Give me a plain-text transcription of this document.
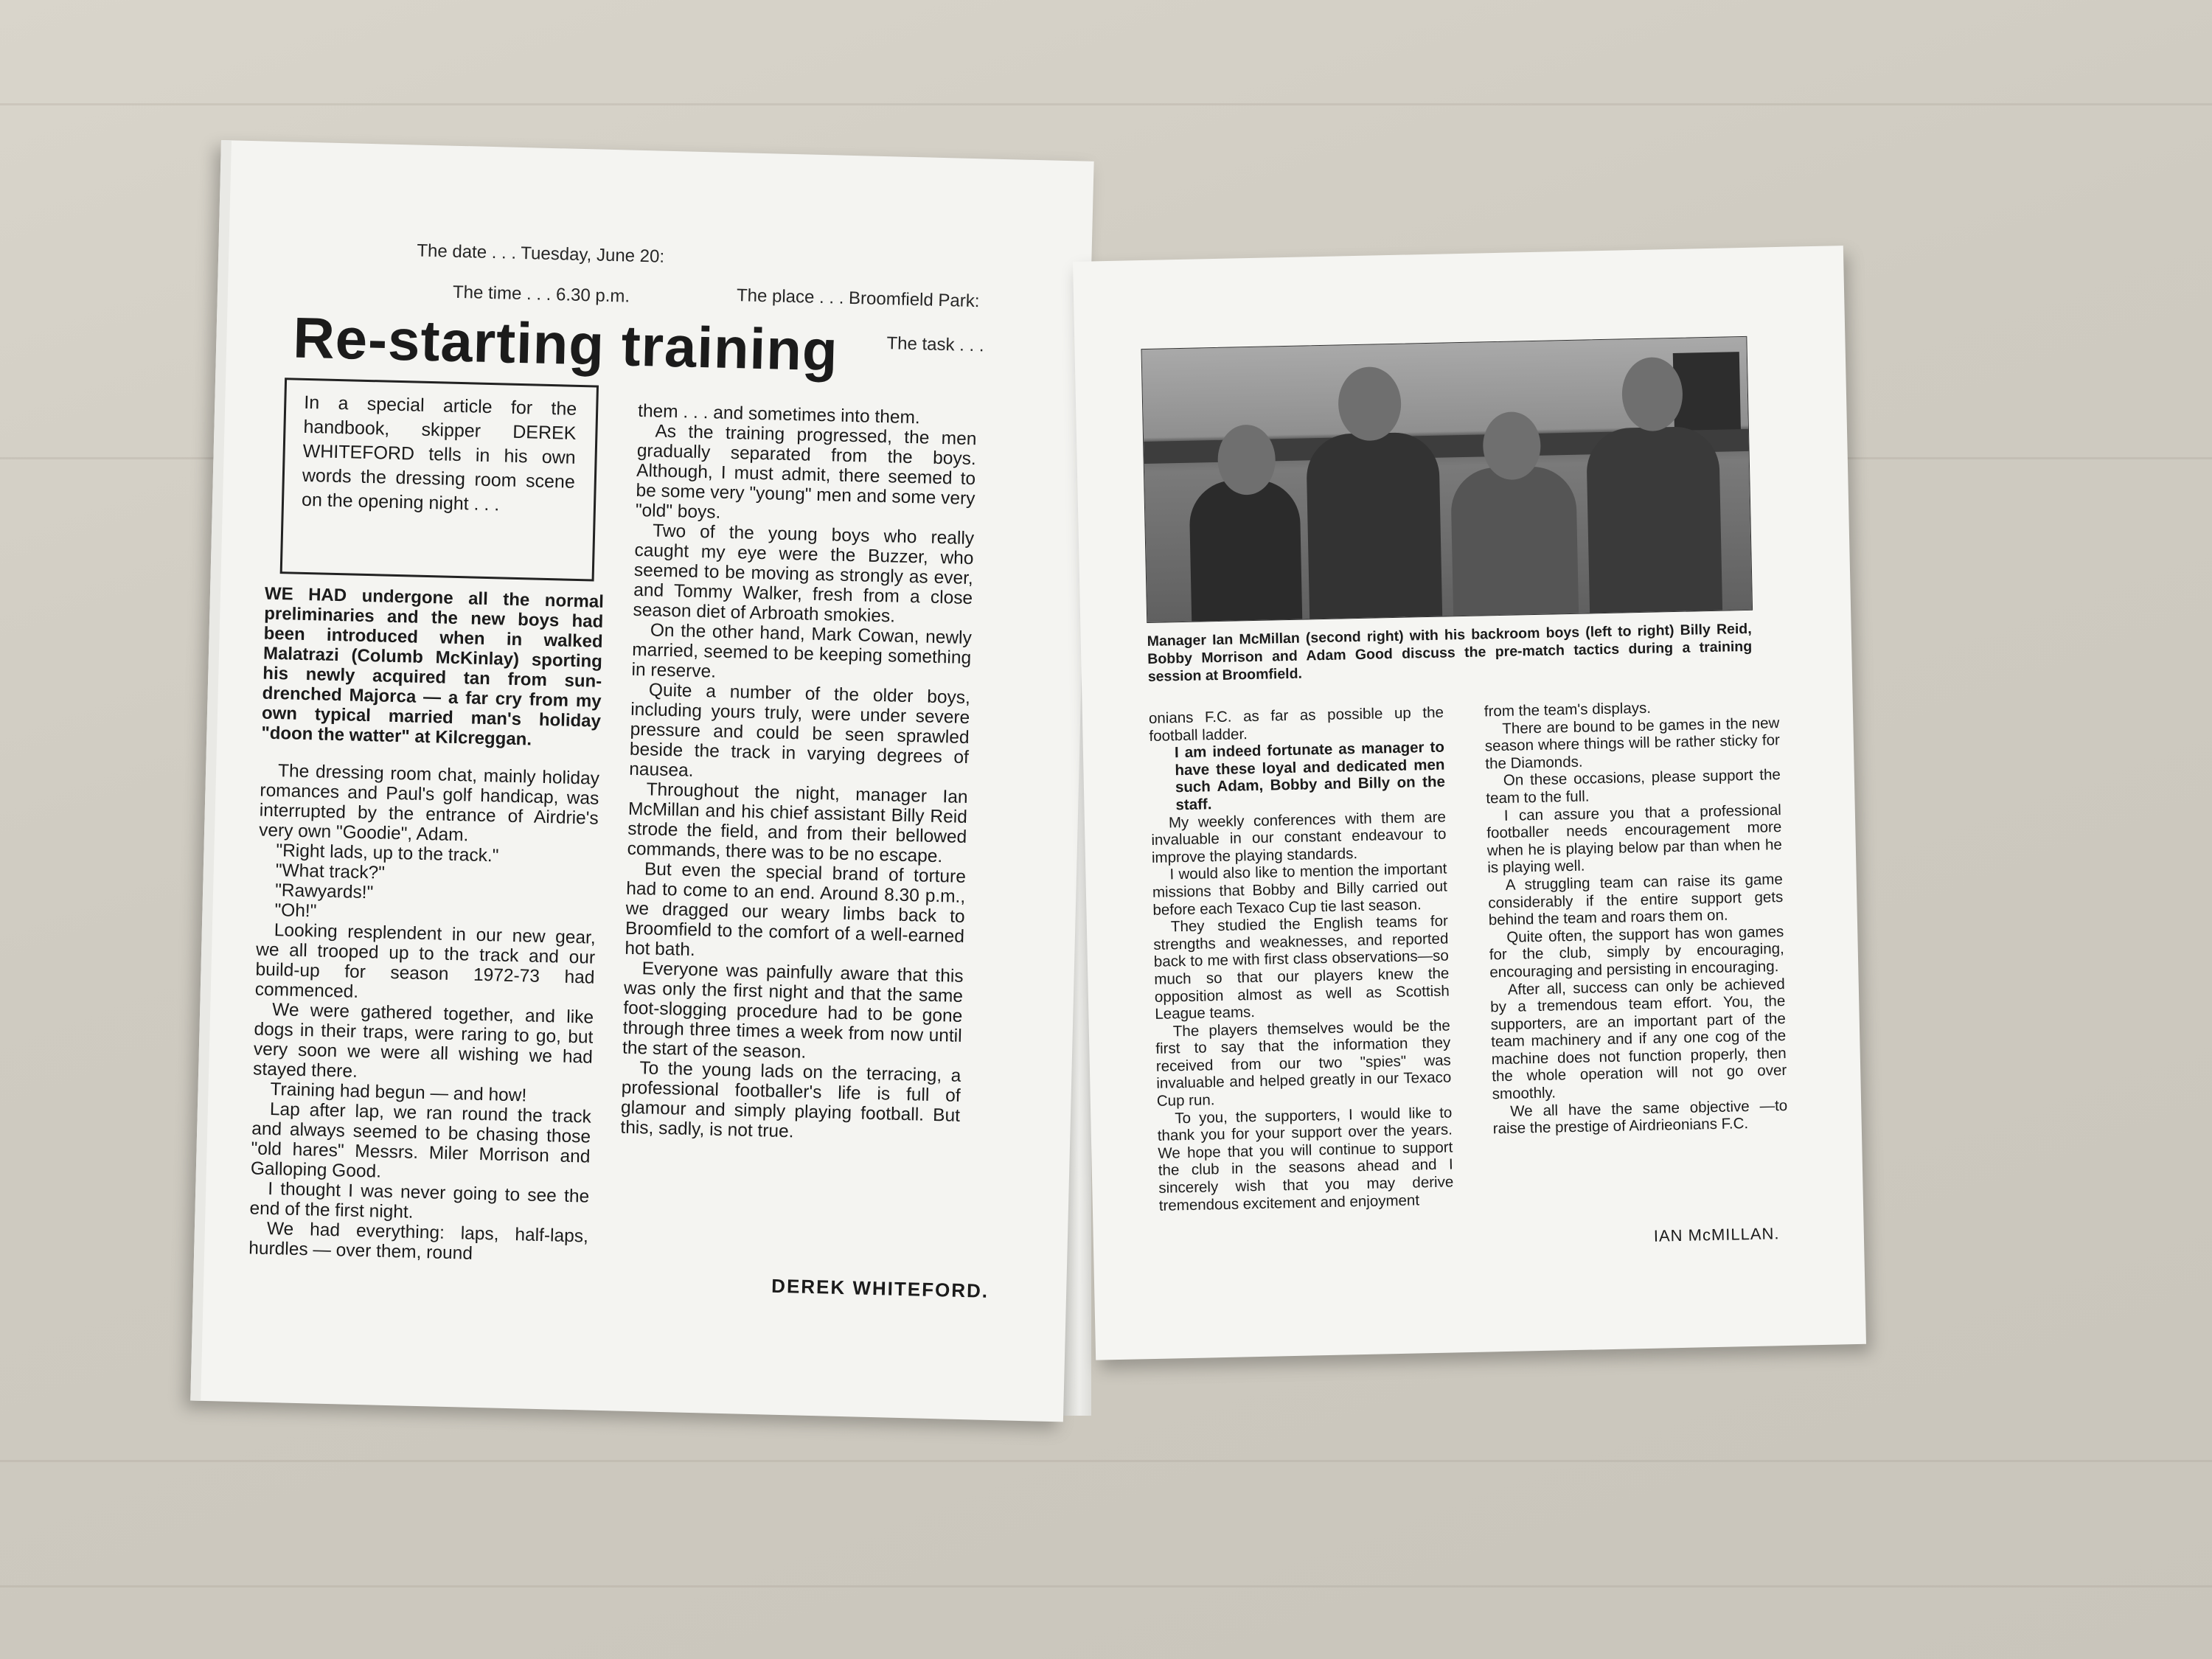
The date . . . Tuesday, June 20:
The time . . . 6.30 p.m.	The place . . . Broomfield Park:
The task . . .
Re-starting training
In a special article for the handbook, skipper DEREK WHITEFORD tells in his own words the dressing room scene on the opening night . . .
WE HAD undergone all the normal preliminaries and the new boys had been introduced when in walked Malatrazi (Columb McKinlay) sporting his newly acquired tan from sun-drenched Majorca — a far cry from my own typical married man's holiday "doon the watter" at Kilcreggan.

The dressing room chat, mainly holiday romances and Paul's golf handicap, was interrupted by the entrance of Airdrie's very own "Goodie", Adam.

"Right lads, up to the track."

"What track?"

"Rawyards!"

"Oh!"

Looking resplendent in our new gear, we all trooped up to the track and our build-up for season 1972-73 had commenced.

We were gathered together, and like dogs in their traps, were raring to go, but very soon we were all wishing we had stayed there.

Training had begun — and how!

Lap after lap, we ran round the track and always seemed to be chasing those "old hares" Messrs. Miler Morrison and Galloping Good.

I thought I was never going to see the end of the first night.

We had everything: laps, half-laps, hurdles — over them, round

them . . . and sometimes into them.

As the training progressed, the men gradually separated from the boys. Although, I must admit, there seemed to be some very "young" men and some very "old" boys.

Two of the young boys who really caught my eye were the Buzzer, who seemed to be moving as strongly as ever, and Tommy Walker, fresh from a close season diet of Arbroath smokies.

On the other hand, Mark Cowan, newly married, seemed to be keeping something in reserve.

Quite a number of the older boys, including yours truly, were under severe pressure and could be seen sprawled beside the track in varying degrees of nausea.

Throughout the night, manager Ian McMillan and his chief assistant Billy Reid strode the field, and from their bellowed commands, there was to be no escape.

But even the special brand of torture had to come to an end. Around 8.30 p.m., we dragged our weary limbs back to Broomfield to the comfort of a well-earned hot bath.

Everyone was painfully aware that this was only the first night and that the same foot-slogging procedure had to be gone through three times a week from now until the start of the season.

To the young lads on the terracing, a professional footballer's life is full of glamour and simply playing football. But this, sadly, is not true.

DEREK WHITEFORD.
Manager Ian McMillan (second right) with his backroom boys (left to right) Billy Reid, Bobby Morrison and Adam Good discuss the pre-match tactics during a training session at Broomfield.

onians F.C. as far as possible up the football ladder.

I am indeed fortunate as manager to have these loyal and dedicated men such Adam, Bobby and Billy on the staff.

My weekly conferences with them are invaluable in our constant endeavour to improve the playing standards.

I would also like to mention the important missions that Bobby and Billy carried out before each Texaco Cup tie last season.

They studied the English teams for strengths and weaknesses, and reported back to me with first class observations—so much so that our players knew the opposition almost as well as Scottish League teams.

The players themselves would be the first to say that the information they received from our two "spies" was invaluable and helped greatly in our Texaco Cup run.

To you, the supporters, I would like to thank you for your support over the years. We hope that you will continue to support the club in the seasons ahead and I sincerely wish that you may derive tremendous excitement and enjoyment

from the team's displays.

There are bound to be games in the new season where things will be rather sticky for the Diamonds.

On these occasions, please support the team to the full.

I can assure you that a professional footballer needs encouragement more when he is playing below par than when he is playing well.

A struggling team can raise its game considerably if the entire support gets behind the team and roars them on.

Quite often, the support has won games for the club, simply by encouraging, encouraging and persisting in encouraging.

After all, success can only be achieved by a tremendous team effort. You, the supporters, are an important part of the team machinery and if any one cog of the machine does not function properly, then the whole operation will not go over smoothly.

We all have the same objective —to raise the prestige of Airdrieonians F.C.

IAN McMILLAN.
